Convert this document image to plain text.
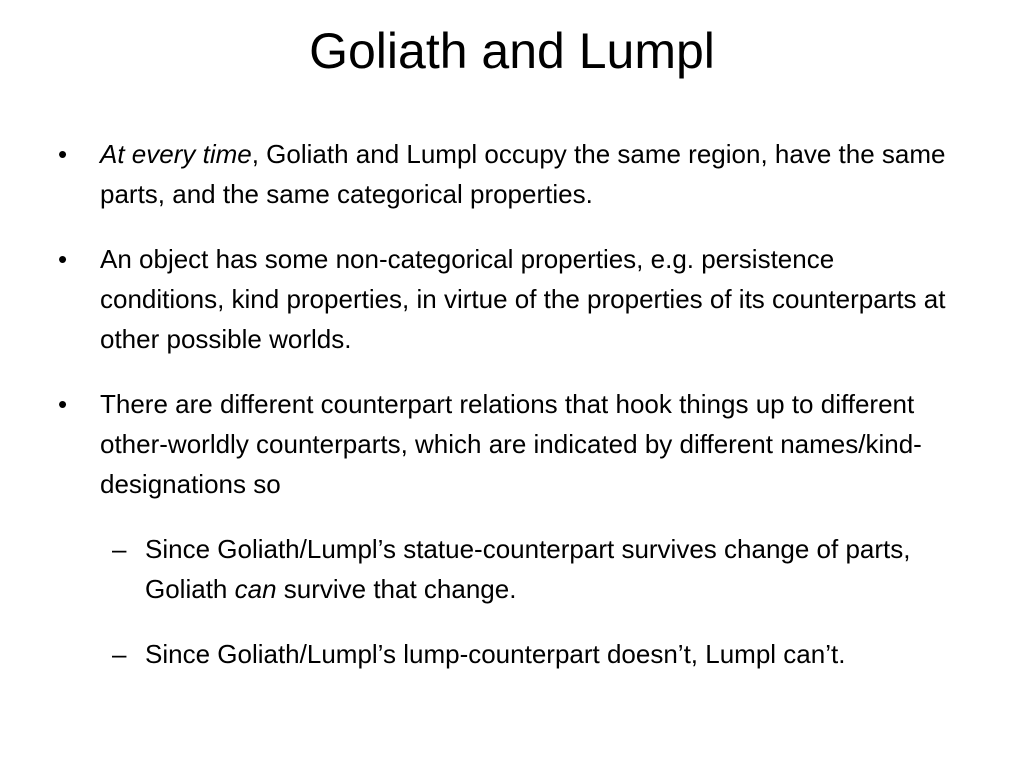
Goliath and Lumpl
•	At every time, Goliath and Lumpl occupy the same region, have the same parts, and the same categorical properties.
•	An object has some non-categorical properties, e.g. persistence conditions, kind properties, in virtue of the properties of its counterparts at other possible worlds.
•	There are different counterpart relations that hook things up to different other-worldly counterparts, which are indicated by different names/kind-designations so
– Since Goliath/Lumpl’s statue-counterpart survives change of parts, Goliath can survive that change.
– Since Goliath/Lumpl’s lump-counterpart doesn’t, Lumpl can’t.
